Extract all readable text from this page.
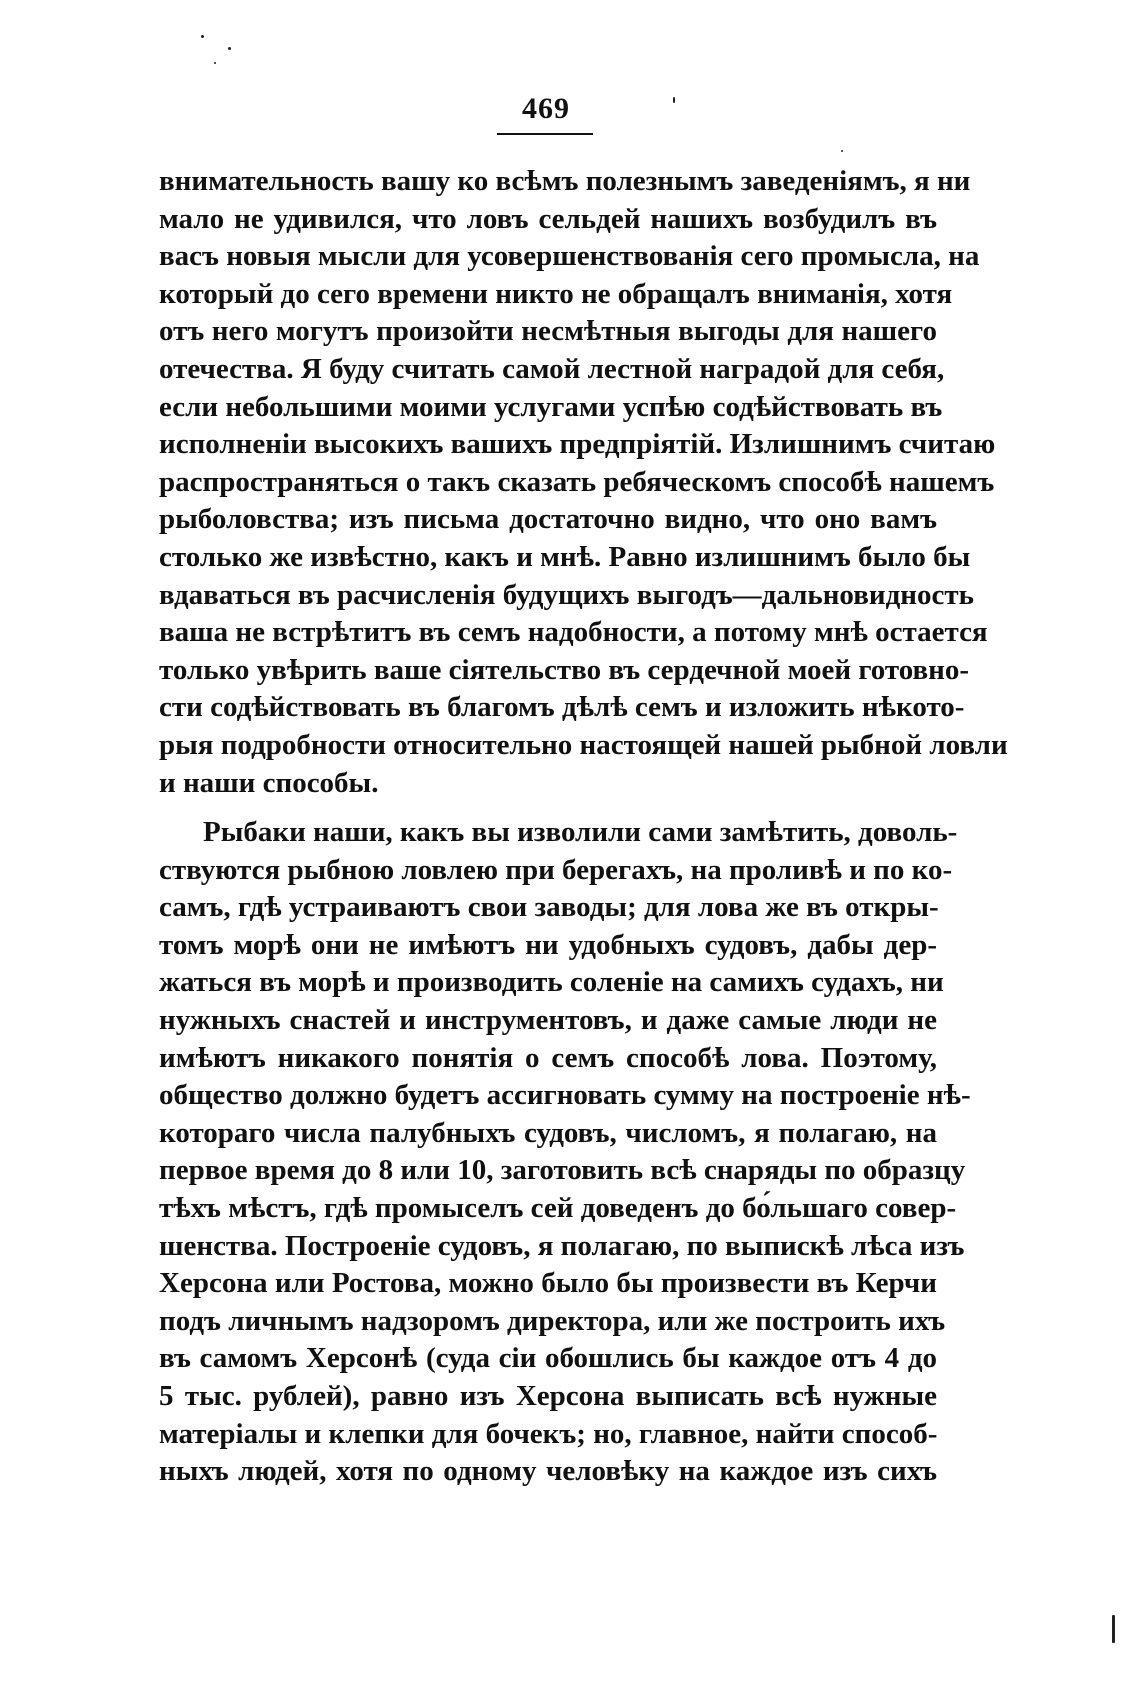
469
внимательность вашу ко всѣмъ полезнымъ заведеніямъ, я ни
мало не удивился, что ловъ сельдей нашихъ возбудилъ въ
васъ новыя мысли для усовершенствованія сего промысла, на
который до сего времени никто не обращалъ вниманія, хотя
отъ него могутъ произойти несмѣтныя выгоды для нашего
отечества. Я буду считать самой лестной наградой для себя,
если небольшими моими услугами успѣю содѣйствовать въ
исполненіи высокихъ вашихъ предпріятій. Излишнимъ считаю
распространяться о такъ сказать ребяческомъ способѣ нашемъ
рыболовства; изъ письма достаточно видно, что оно вамъ
столько же извѣстно, какъ и мнѣ. Равно излишнимъ было бы
вдаваться въ расчисленія будущихъ выгодъ—дальновидность
ваша не встрѣтитъ въ семъ надобности, а потому мнѣ остается
только увѣрить ваше сіятельство въ сердечной моей готовно-
сти содѣйствовать въ благомъ дѣлѣ семъ и изложить нѣкото-
рыя подробности относительно настоящей нашей рыбной ловли
и наши способы.
Рыбаки наши, какъ вы изволили сами замѣтить, доволь-
ствуются рыбною ловлею при берегахъ, на проливѣ и по ко-
самъ, гдѣ устраиваютъ свои заводы; для лова же въ откры-
томъ морѣ они не имѣютъ ни удобныхъ судовъ, дабы дер-
жаться въ морѣ и производить соленіе на самихъ судахъ, ни
нужныхъ снастей и инструментовъ, и даже самые люди не
имѣютъ никакого понятія о семъ способѣ лова. Поэтому,
общество должно будетъ ассигновать сумму на построеніе нѣ-
котораго числа палубныхъ судовъ, числомъ, я полагаю, на
первое время до 8 или 10, заготовить всѣ снаряды по образцу
тѣхъ мѣстъ, гдѣ промыселъ сей доведенъ до бо́льшаго совер-
шенства. Построеніе судовъ, я полагаю, по выпискѣ лѣса изъ
Херсона или Ростова, можно было бы произвести въ Керчи
подъ личнымъ надзоромъ директора, или же построить ихъ
въ самомъ Херсонѣ (суда сіи обошлись бы каждое отъ 4 до
5 тыс. рублей), равно изъ Херсона выписать всѣ нужные
матеріалы и клепки для бочекъ; но, главное, найти способ-
ныхъ людей, хотя по одному человѣку на каждое изъ сихъ
